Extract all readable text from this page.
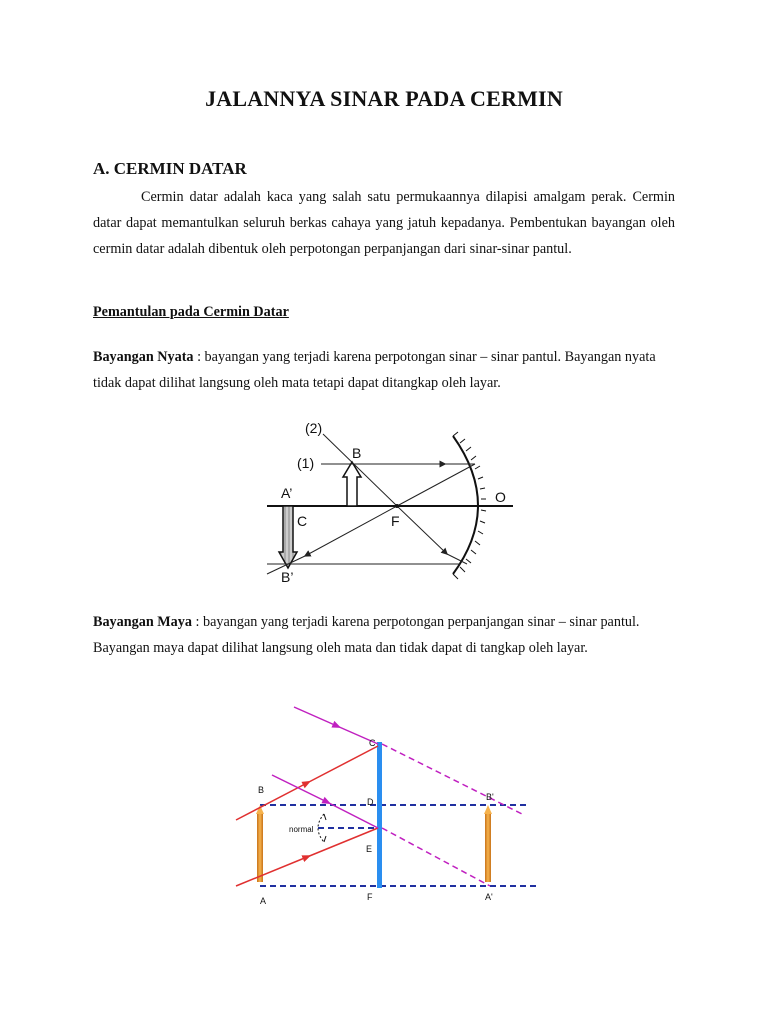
JALANNYA SINAR PADA CERMIN
A. CERMIN DATAR

Cermin datar adalah kaca yang salah satu permukaannya dilapisi amalgam perak. Cermin datar dapat memantulkan seluruh berkas cahaya yang jatuh kepadanya. Pembentukan bayangan oleh cermin datar adalah dibentuk oleh perpotongan perpanjangan dari sinar-sinar pantul.

Pemantulan pada Cermin Datar

Bayangan Nyata : bayangan yang terjadi karena perpotongan sinar – sinar pantul. Bayangan nyata tidak dapat dilihat langsung oleh mata tetapi dapat ditangkap oleh layar.

(2)
(1)
B
A’
C	F
O
B’

Bayangan Maya : bayangan yang terjadi karena perpotongan perpanjangan sinar – sinar pantul. Bayangan maya dapat dilihat langsung oleh mata dan tidak dapat di tangkap oleh layar.

C
B
D
normal
E
A	F
B'
A'
